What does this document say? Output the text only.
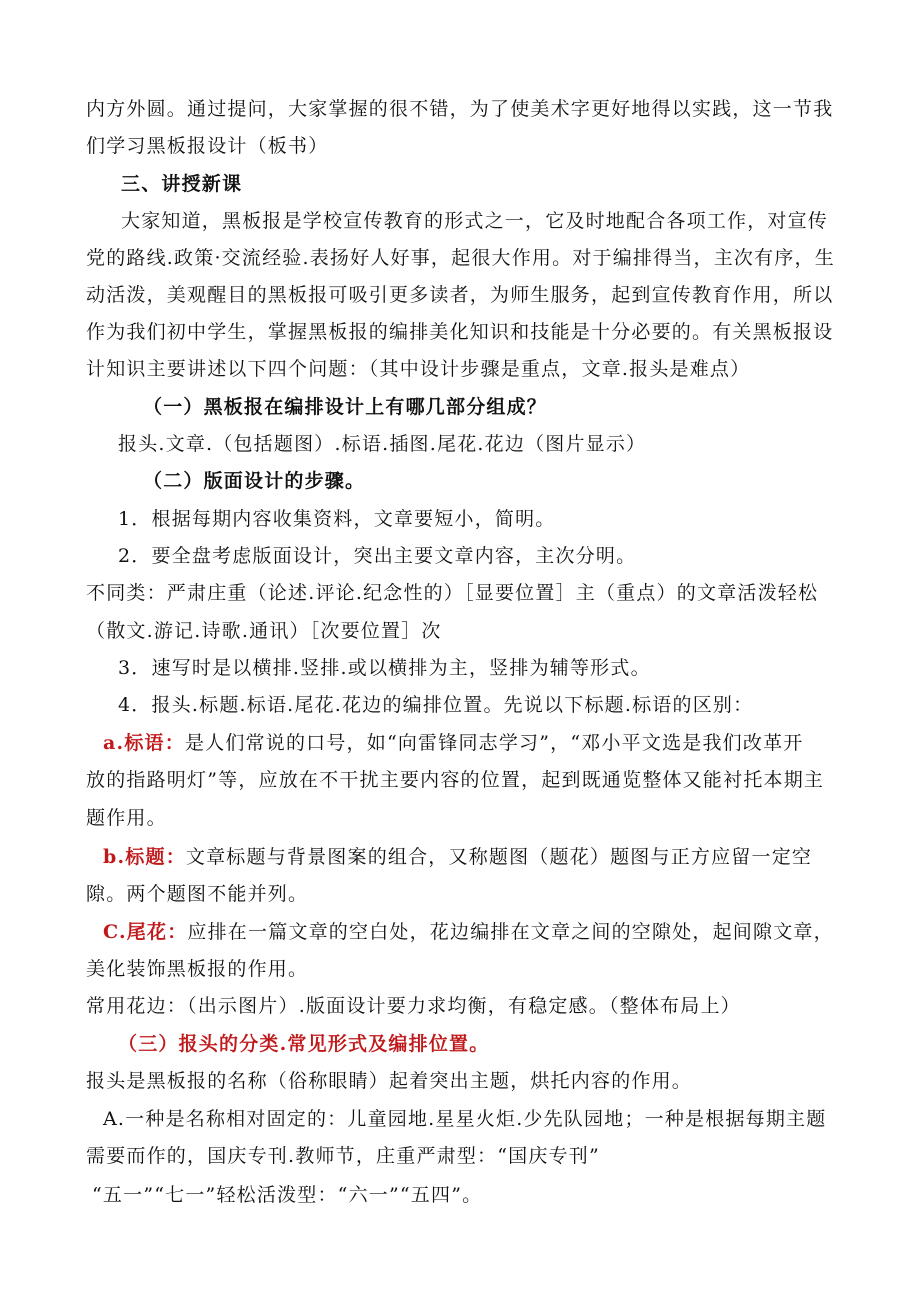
内方外圆。通过提问，大家掌握的很不错，为了使美术字更好地得以实践，这一节我
们学习黑板报设计（板书）
三、讲授新课
大家知道，黑板报是学校宣传教育的形式之一，它及时地配合各项工作，对宣传
党的路线.政策·交流经验.表扬好人好事，起很大作用。对于编排得当，主次有序，生
动活泼，美观醒目的黑板报可吸引更多读者，为师生服务，起到宣传教育作用，所以
作为我们初中学生，掌握黑板报的编排美化知识和技能是十分必要的。有关黑板报设
计知识主要讲述以下四个问题：（其中设计步骤是重点，文章.报头是难点）
（一）黑板报在编排设计上有哪几部分组成？
报头.文章.（包括题图）.标语.插图.尾花.花边（图片显示）
（二）版面设计的步骤。
1．根据每期内容收集资料，文章要短小，简明。
2．要全盘考虑版面设计，突出主要文章内容，主次分明。
不同类：严肃庄重（论述.评论.纪念性的）［显要位置］主（重点）的文章活泼轻松
（散文.游记.诗歌.通讯）［次要位置］次
3．速写时是以横排.竖排.或以横排为主，竖排为辅等形式。
4．报头.标题.标语.尾花.花边的编排位置。先说以下标题.标语的区别：
a.标语：是人们常说的口号，如“向雷锋同志学习”，“邓小平文选是我们改革开
放的指路明灯”等，应放在不干扰主要内容的位置，起到既通览整体又能衬托本期主
题作用。
b.标题：文章标题与背景图案的组合，又称题图（题花）题图与正方应留一定空
隙。两个题图不能并列。
C.尾花：应排在一篇文章的空白处，花边编排在文章之间的空隙处，起间隙文章，
美化装饰黑板报的作用。
常用花边：（出示图片）.版面设计要力求均衡，有稳定感。（整体布局上）
（三）报头的分类.常见形式及编排位置。
报头是黑板报的名称（俗称眼睛）起着突出主题，烘托内容的作用。
A.一种是名称相对固定的：儿童园地.星星火炬.少先队园地；一种是根据每期主题
需要而作的，国庆专刊.教师节，庄重严肃型：“国庆专刊”
“五一”“七一”轻松活泼型：“六一”“五四”。
